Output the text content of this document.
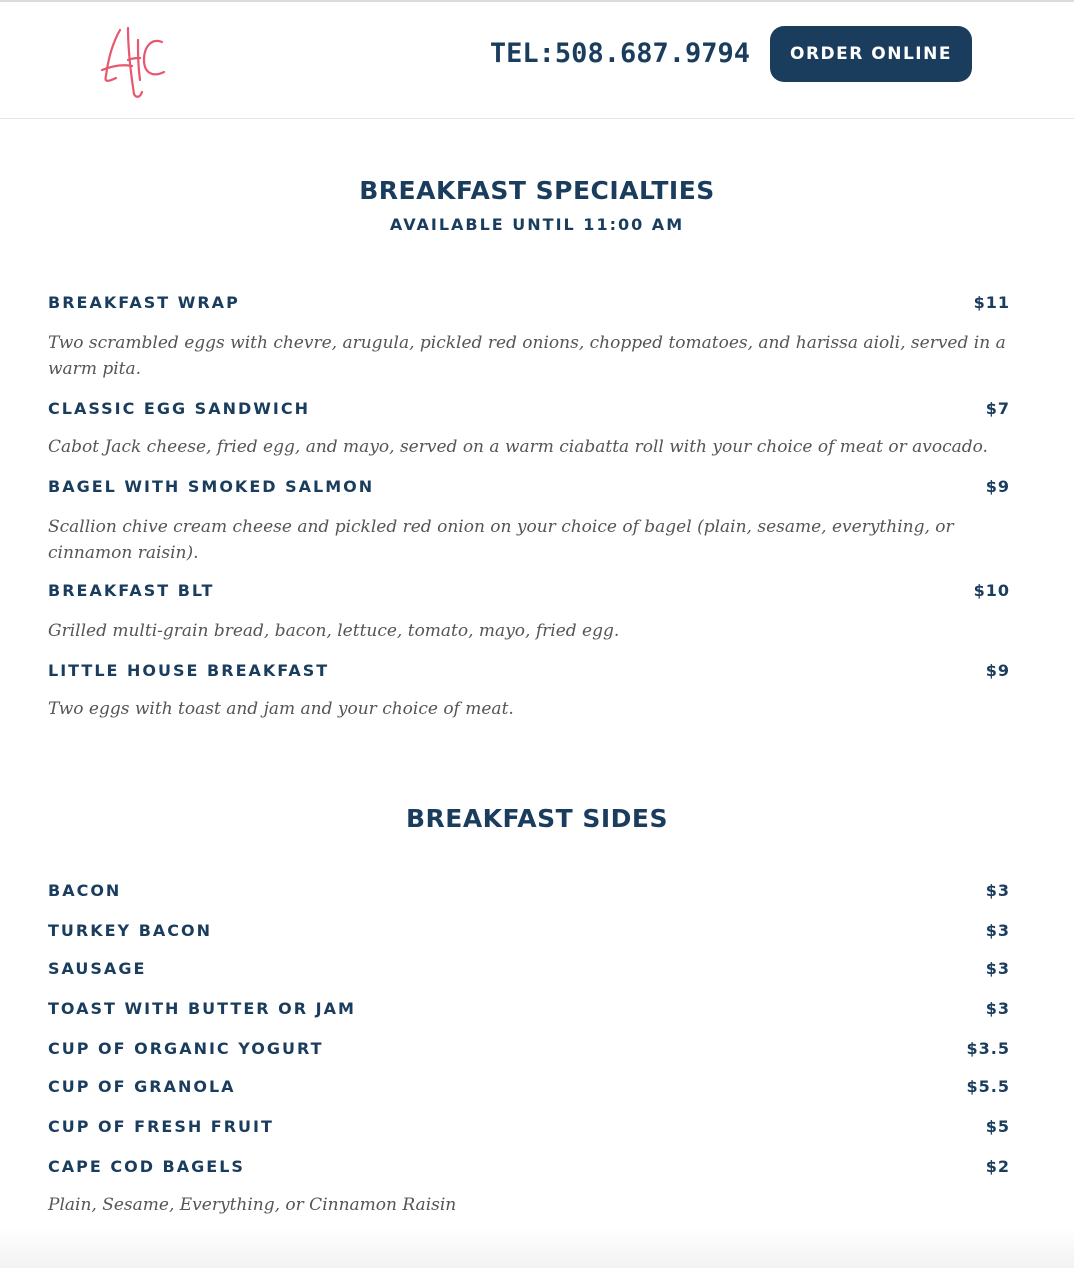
TEL:508.687.9794	ORDER ONLINE
BREAKFAST SPECIALTIES
AVAILABLE UNTIL 11:00 AM
BREAKFAST WRAP	$11
Two scrambled eggs with chevre, arugula, pickled red onions, chopped tomatoes, and harissa aioli, served in a warm pita.
CLASSIC EGG SANDWICH	$7
Cabot Jack cheese, fried egg, and mayo, served on a warm ciabatta roll with your choice of meat or avocado.
BAGEL WITH SMOKED SALMON	$9
Scallion chive cream cheese and pickled red onion on your choice of bagel (plain, sesame, everything, or cinnamon raisin).
BREAKFAST BLT	$10
Grilled multi-grain bread, bacon, lettuce, tomato, mayo, fried egg.
LITTLE HOUSE BREAKFAST	$9
Two eggs with toast and jam and your choice of meat.
BREAKFAST SIDES
BACON	$3
TURKEY BACON	$3
SAUSAGE	$3
TOAST WITH BUTTER OR JAM	$3
CUP OF ORGANIC YOGURT	$3.5
CUP OF GRANOLA	$5.5
CUP OF FRESH FRUIT	$5
CAPE COD BAGELS	$2
Plain, Sesame, Everything, or Cinnamon Raisin
